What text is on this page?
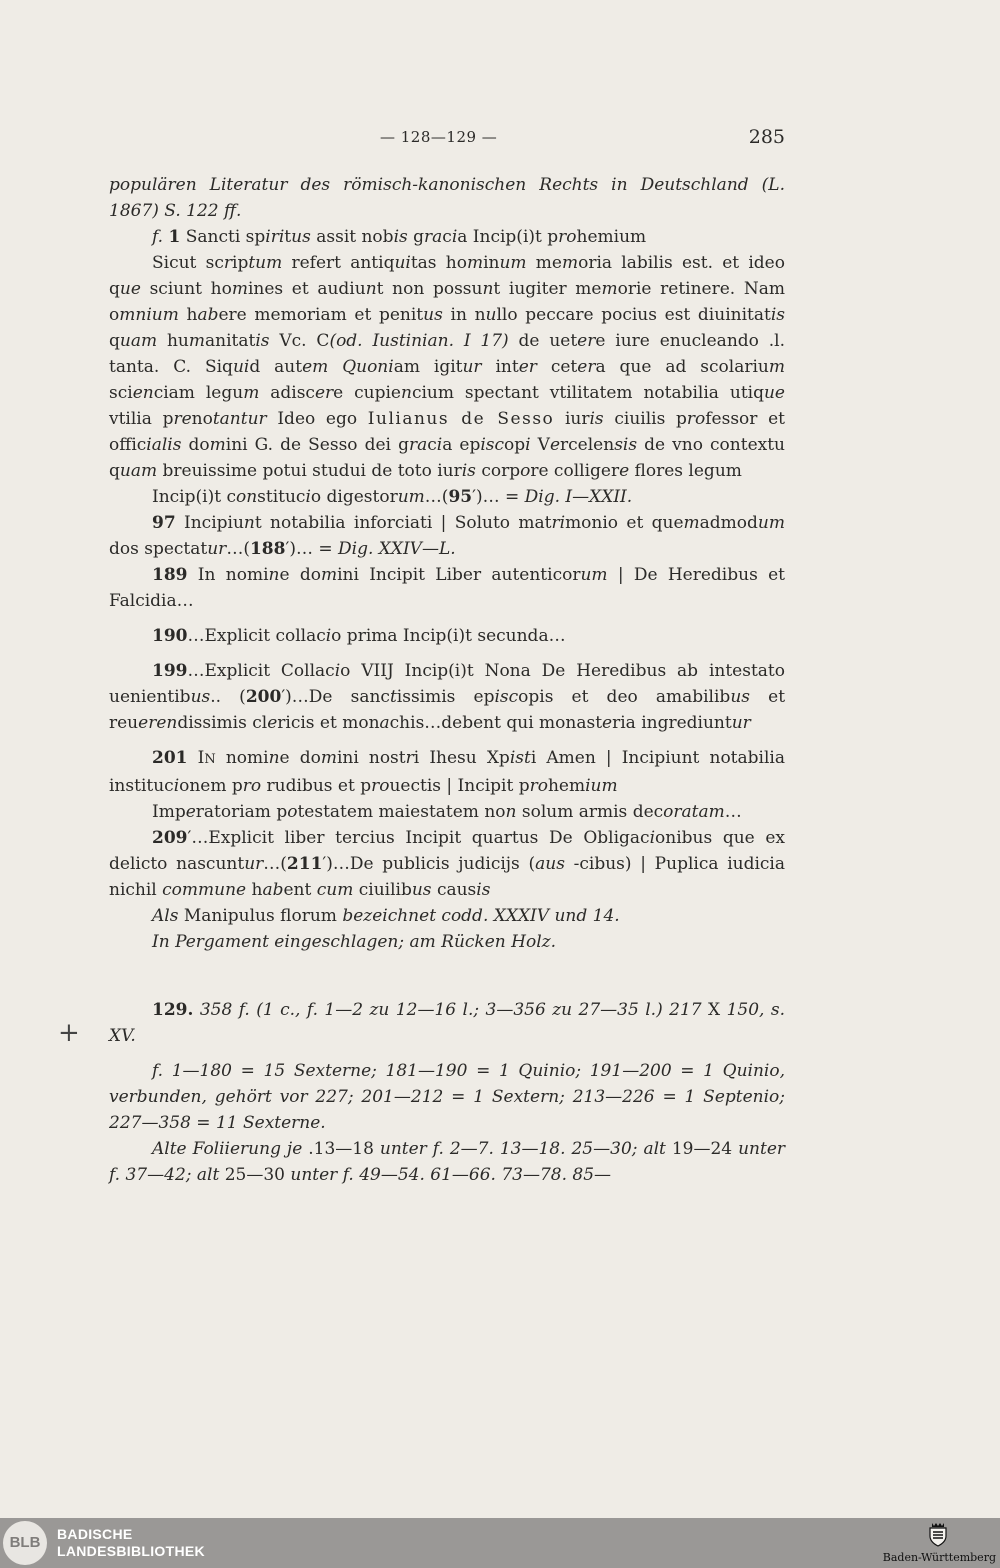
— 128—129 —	285
+

populären Literatur des römisch-kanonischen Rechts in Deutschland (L. 1867) S. 122 ff.

f. 1 Sancti spiritus assit nobis gracia Incip(i)t prohemium

Sicut scriptum refert antiquitas hominum memoria labilis est. et ideo que sciunt homines et audiunt non possunt iugiter memorie retinere. Nam omnium habere memoriam et penitus in nullo peccare pocius est diuinitatis quam humanitatis Vc. C(od. Iustinian. I 17) de uetere iure enucleando .l. tanta. C. Siquid autem Quoniam igitur inter cetera que ad scolarium scienciam legum adiscere cupiencium spectant vtilitatem notabilia utique vtilia prenotantur Ideo ego Iulianus de Sesso iuris ciuilis professor et officialis domini G. de Sesso dei gracia episcopi Vercelensis de vno contextu quam breuissime potui studui de toto iuris corpore colligere flores legum

Incip(i)t constitucio digestorum…(95′)… = Dig. I—XXII.

97 Incipiunt notabilia inforciati | Soluto matrimonio et quemadmodum dos spectatur…(188′)… = Dig. XXIV—L.

189 In nomine domini Incipit Liber autenticorum | De Heredibus et Falcidia…

190…Explicit collacio prima Incip(i)t secunda…

199…Explicit Collacio VIIJ Incip(i)t Nona De Heredibus ab intestato uenientibus.. (200′)…De sanctissimis episcopis et deo amabilibus et reuerendissimis clericis et monachis…debent qui monasteria ingrediuntur

201 IN nomine domini nostri Ihesu Xpisti Amen | Incipiunt notabilia institucionem pro rudibus et prouectis | Incipit prohemium

Imperatoriam potestatem maiestatem non solum armis decoratam…

209′…Explicit liber tercius Incipit quartus De Obligacionibus que ex delicto nascuntur…(211′)…De publicis judicijs (aus -cibus) | Puplica iudicia nichil commune habent cum ciuilibus causis

Als Manipulus florum bezeichnet codd. XXXIV und 14.

In Pergament eingeschlagen; am Rücken Holz.

129. 358 f. (1 c., f. 1—2 zu 12—16 l.; 3—356 zu 27—35 l.) 217 X 150, s. XV.

f. 1—180 = 15 Sexterne; 181—190 = 1 Quinio; 191—200 = 1 Quinio, verbunden, gehört vor 227; 201—212 = 1 Sextern; 213—226 = 1 Septenio; 227—358 = 11 Sexterne.

Alte Foliierung je .13—18 unter f. 2—7. 13—18. 25—30; alt 19—24 unter f. 37—42; alt 25—30 unter f. 49—54. 61—66. 73—78. 85—

BLB	BADISCHE
LANDESBIBLIOTHEK	Baden-Württemberg
